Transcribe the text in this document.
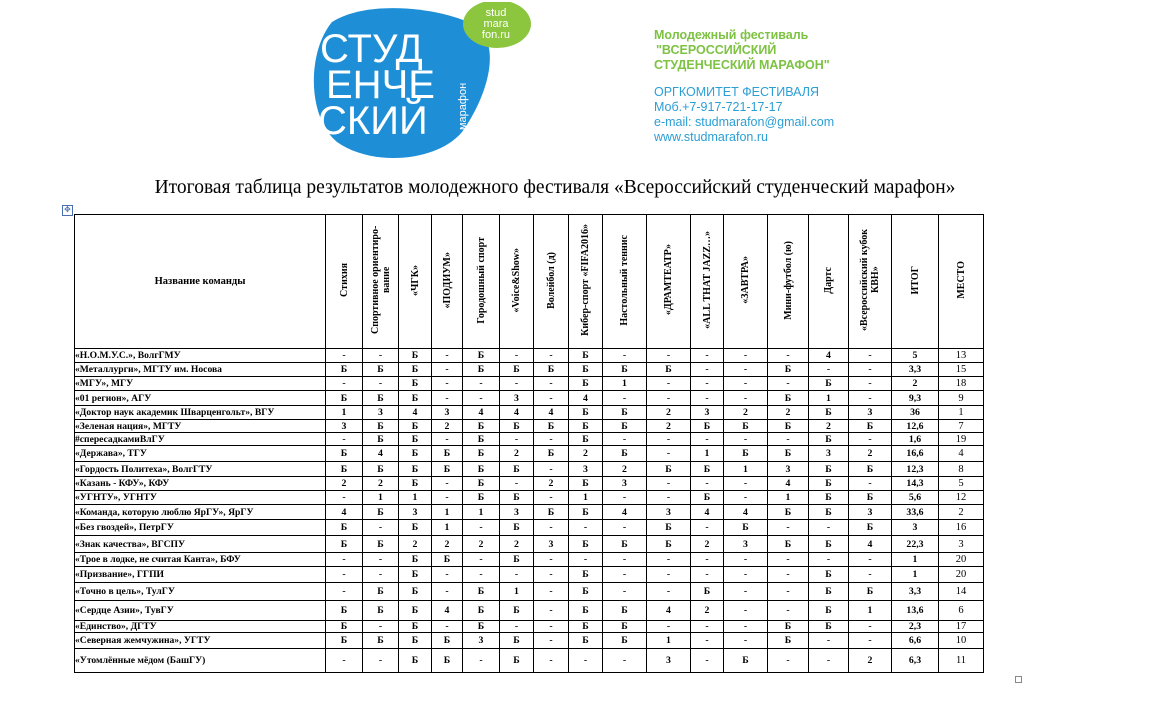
stud
mara
fon.ru
СТУД
ЕНЧЕ
СКИЙ	марафон
Молодежный фестиваль
"ВСЕРОССИЙСКИЙ
СТУДЕНЧЕСКИЙ МАРАФОН"
ОРГКОМИТЕТ ФЕСТИВАЛЯ
Моб.+7-917-721-17-17
e-mail: studmarafon@gmail.com
www.studmarafon.ru
Итоговая таблица результатов молодежного фестиваля «Всероссийский студенческий марафон»
✥
Название команды	Стихия	Спортивное ориентиро-вание	«ЧГК»	«ПОДИУМ»	Городошный спорт	«Voice&Show»	Волейбол (д)	Кибер-спорт «FIFA2016»	Настольный теннис	«ДРАМТЕАТР»	«ALL THAT JAZZ…»	«ЗАВТРА»	Мини-футбол (ю)	Дартс	«Всероссийский кубок КВН»	ИТОГ	МЕСТО
«Н.О.М.У.С.», ВолгГМУ	-	-	Б	-	Б	-	-	Б	-	-	-	-	-	4	-	5	13
«Металлурги», МГТУ им. Носова	Б	Б	Б	-	Б	Б	Б	Б	Б	Б	-	-	Б	-	-	3,3	15
«МГУ», МГУ	-	-	Б	-	-	-	-	Б	1	-	-	-	-	Б	-	2	18
«01 регион», АГУ	Б	Б	Б	-	-	3	-	4	-	-	-	-	Б	1	-	9,3	9
«Доктор наук академик Шварценгольт», ВГУ	1	3	4	3	4	4	4	Б	Б	2	3	2	2	Б	3	36	1
«Зеленая нация», МГТУ	3	Б	Б	2	Б	Б	Б	Б	Б	2	Б	Б	Б	2	Б	12,6	7
#спересадкамиВлГУ	-	Б	Б	-	Б	-	-	Б	-	-	-	-	-	Б	-	1,6	19
«Держава», ТГУ	Б	4	Б	Б	Б	2	Б	2	Б	-	1	Б	Б	3	2	16,6	4
«Гордость Политеха», ВолгГТУ	Б	Б	Б	Б	Б	Б	-	3	2	Б	Б	1	3	Б	Б	12,3	8
«Казань - КФУ», КФУ	2	2	Б	-	Б	-	2	Б	3	-	-	-	4	Б	-	14,3	5
«УГНТУ», УГНТУ	-	1	1	-	Б	Б	-	1	-	-	Б	-	1	Б	Б	5,6	12
«Команда, которую люблю ЯрГУ», ЯрГУ	4	Б	3	1	1	3	Б	Б	4	3	4	4	Б	Б	3	33,6	2
«Без гвоздей», ПетрГУ	Б	-	Б	1	-	Б	-	-	-	Б	-	Б	-	-	Б	3	16
«Знак качества», ВГСПУ	Б	Б	2	2	2	2	3	Б	Б	Б	2	3	Б	Б	4	22,3	3
«Трое в лодке, не считая Канта», БФУ	-	-	Б	Б	-	Б	-	-	-	-	-	-	-	-	-	1	20
«Призвание», ГГПИ	-	-	Б	-	-	-	-	Б	-	-	-	-	-	Б	-	1	20
«Точно в цель», ТулГУ	-	Б	Б	-	Б	1	-	Б	-	-	Б	-	-	Б	Б	3,3	14
«Сердце Азии», ТувГУ	Б	Б	Б	4	Б	Б	-	Б	Б	4	2	-	-	Б	1	13,6	6
«Единство», ДГТУ	Б	-	Б	-	Б	-	-	Б	Б	-	-	-	Б	Б	-	2,3	17
«Северная жемчужина», УГТУ	Б	Б	Б	Б	3	Б	-	Б	Б	1	-	-	Б	-	-	6,6	10
«Утомлённые мёдом (БашГУ)	-	-	Б	Б	-	Б	-	-	-	3	-	Б	-	-	2	6,3	11
